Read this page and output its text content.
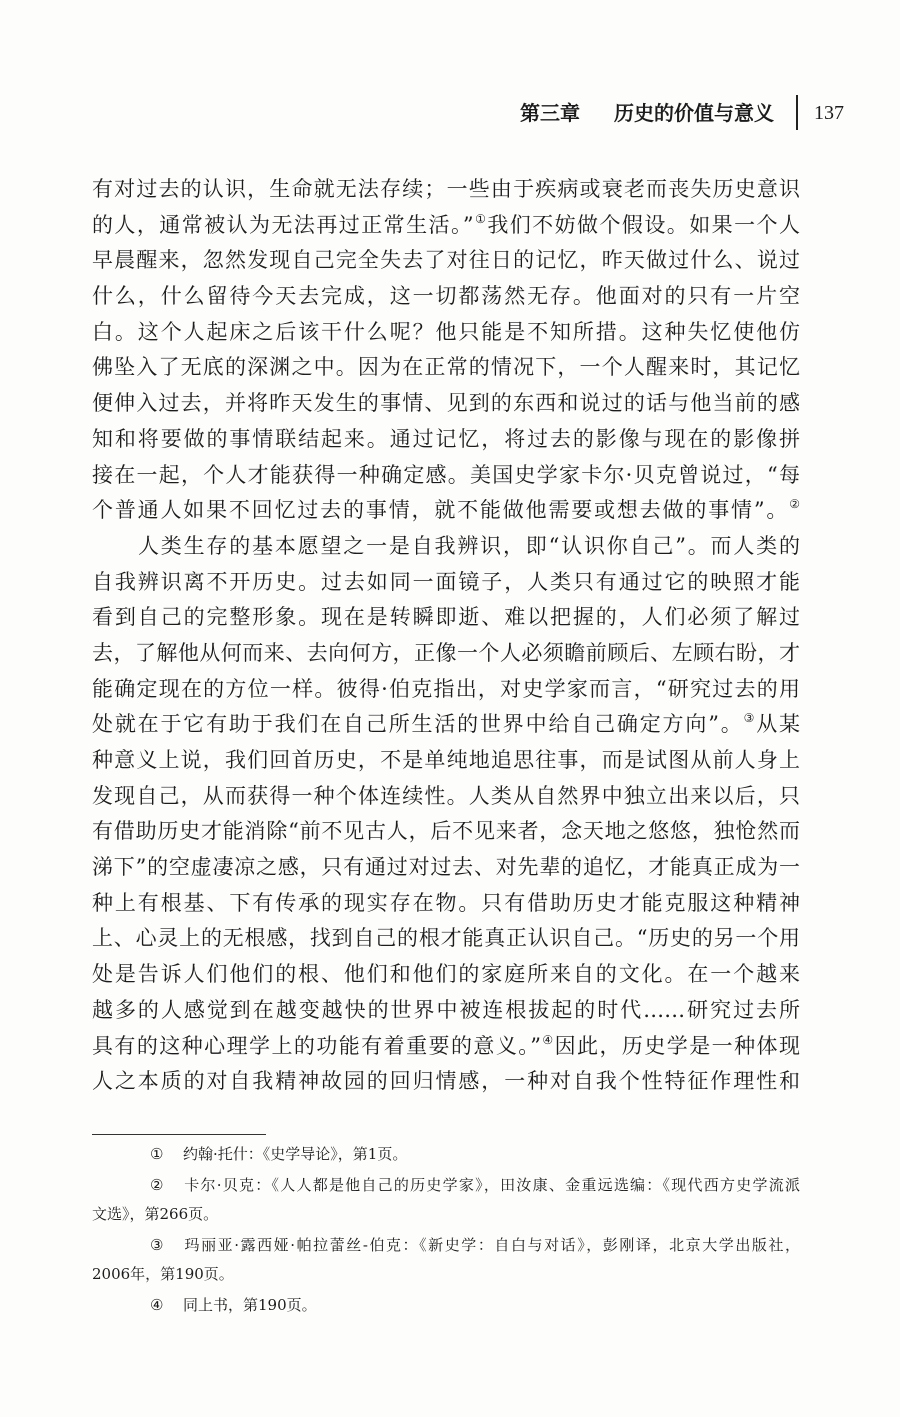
第三章 历史的价值与意义 137
有对过去的认识，生命就无法存续；一些由于疾病或衰老而丧失历史意识
的人，通常被认为无法再过正常生活。”①我们不妨做个假设。如果一个人
早晨醒来，忽然发现自己完全失去了对往日的记忆，昨天做过什么、说过
什么，什么留待今天去完成，这一切都荡然无存。他面对的只有一片空
白。这个人起床之后该干什么呢？他只能是不知所措。这种失忆使他仿
佛坠入了无底的深渊之中。因为在正常的情况下，一个人醒来时，其记忆
便伸入过去，并将昨天发生的事情、见到的东西和说过的话与他当前的感
知和将要做的事情联结起来。通过记忆，将过去的影像与现在的影像拼
接在一起，个人才能获得一种确定感。美国史学家卡尔·贝克曾说过，“每
个普通人如果不回忆过去的事情，就不能做他需要或想去做的事情”。②
人类生存的基本愿望之一是自我辨识，即“认识你自己”。而人类的
自我辨识离不开历史。过去如同一面镜子，人类只有通过它的映照才能
看到自己的完整形象。现在是转瞬即逝、难以把握的，人们必须了解过
去，了解他从何而来、去向何方，正像一个人必须瞻前顾后、左顾右盼，才
能确定现在的方位一样。彼得·伯克指出，对史学家而言，“研究过去的用
处就在于它有助于我们在自己所生活的世界中给自己确定方向”。③从某
种意义上说，我们回首历史，不是单纯地追思往事，而是试图从前人身上
发现自己，从而获得一种个体连续性。人类从自然界中独立出来以后，只
有借助历史才能消除“前不见古人，后不见来者，念天地之悠悠，独怆然而
涕下”的空虚凄凉之感，只有通过对过去、对先辈的追忆，才能真正成为一
种上有根基、下有传承的现实存在物。只有借助历史才能克服这种精神
上、心灵上的无根感，找到自己的根才能真正认识自己。“历史的另一个用
处是告诉人们他们的根、他们和他们的家庭所来自的文化。在一个越来
越多的人感觉到在越变越快的世界中被连根拔起的时代……研究过去所
具有的这种心理学上的功能有着重要的意义。”④因此，历史学是一种体现
人之本质的对自我精神故园的回归情感，一种对自我个性特征作理性和
① 约翰·托什：《史学导论》，第1页。
② 卡尔·贝克：《人人都是他自己的历史学家》，田汝康、金重远选编：《现代西方史学流派
文选》，第266页。
③ 玛丽亚·露西娅·帕拉蕾丝-伯克：《新史学：自白与对话》，彭刚译，北京大学出版社，
2006年，第190页。
④ 同上书，第190页。
